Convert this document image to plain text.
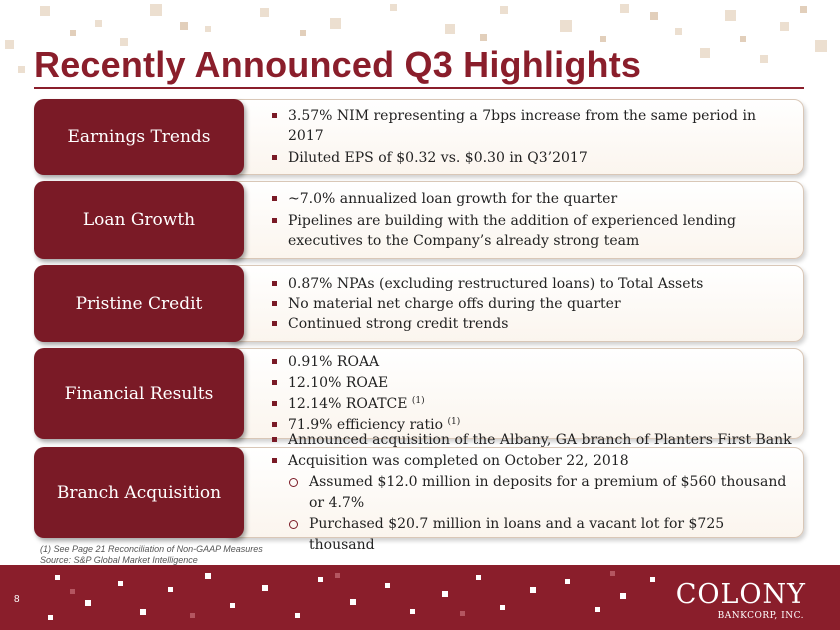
Recently Announced Q3 Highlights
Earnings Trends
3.57% NIM representing a 7bps increase from the same period in 2017
Diluted EPS of $0.32 vs. $0.30 in Q3’2017
Loan Growth
~7.0% annualized loan growth for the quarter
Pipelines are building with the addition of experienced lending executives to the Company’s already strong team
Pristine Credit
0.87% NPAs (excluding restructured loans) to Total Assets
No material net charge offs during the quarter
Continued strong credit trends
Financial Results
0.91% ROAA
12.10% ROAE
12.14% ROATCE $^{(1)}$
71.9% efficiency ratio $^{(1)}$
Branch Acquisition
Announced acquisition of the Albany, GA branch of Planters First Bank
Acquisition was completed on October 22, 2018
Assumed $12.0 million in deposits for a premium of $560 thousand or 4.7%
Purchased $20.7 million in loans and a vacant lot for $725 thousand
(1) See Page 21 Reconciliation of Non-GAAP Measures
Source: S&P Global Market Intelligence
8	COLONY
BANKCORP, INC.
